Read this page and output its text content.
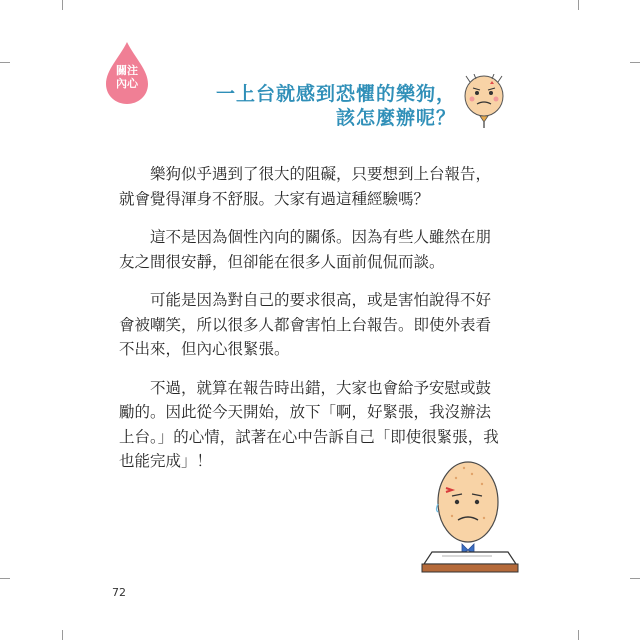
關注
內心	一上台就感到恐懼的樂狗，
該怎麼辦呢？

樂狗似乎遇到了很大的阻礙，只要想到上台報告，就會覺得渾身不舒服。大家有過這種經驗嗎？

這不是因為個性內向的關係。因為有些人雖然在朋友之間很安靜，但卻能在很多人面前侃侃而談。

可能是因為對自己的要求很高，或是害怕說得不好會被嘲笑，所以很多人都會害怕上台報告。即使外表看不出來，但內心很緊張。

不過，就算在報告時出錯，大家也會給予安慰或鼓勵的。因此從今天開始，放下「啊，好緊張，我沒辦法上台。」的心情，試著在心中告訴自己「即使很緊張，我也能完成」！

72
